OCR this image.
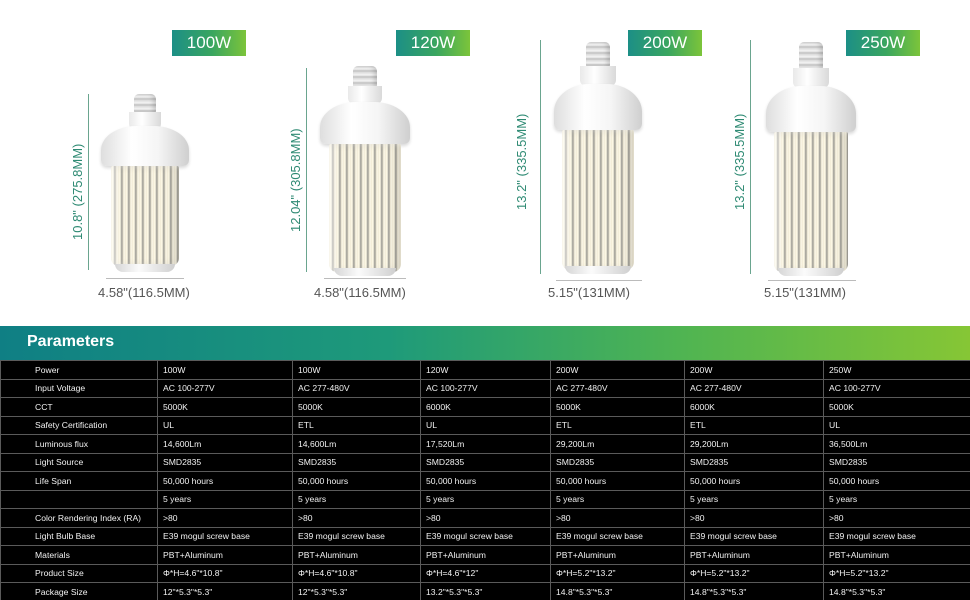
100W	120W	200W	250W
10.8" (275.8MM)
4.58"(116.5MM)
12.04" (305.8MM)
4.58"(116.5MM)
13.2" (335.5MM)
5.15"(131MM)
13.2" (335.5MM)
5.15"(131MM)
Parameters
Power	100W	100W	120W	200W	200W	250W
Input Voltage	AC 100-277V	AC 277-480V	AC 100-277V	AC 277-480V	AC 277-480V	AC 100-277V
CCT	5000K	5000K	6000K	5000K	6000K	5000K
Safety Certification	UL	ETL	UL	ETL	ETL	UL
Luminous flux	14,600Lm	14,600Lm	17,520Lm	29,200Lm	29,200Lm	36,500Lm
Light Source	SMD2835	SMD2835	SMD2835	SMD2835	SMD2835	SMD2835
Life Span	50,000 hours	50,000 hours	50,000 hours	50,000 hours	50,000 hours	50,000 hours
	5 years	5 years	5 years	5 years	5 years	5 years
Color Rendering Index (RA)	>80	>80	>80	>80	>80	>80
Light Bulb Base	E39 mogul screw base	E39 mogul screw base	E39 mogul screw base	E39 mogul screw base	E39 mogul screw base	E39 mogul screw base
Materials	PBT+Aluminum	PBT+Aluminum	PBT+Aluminum	PBT+Aluminum	PBT+Aluminum	PBT+Aluminum
Product Size	Φ*H=4.6"*10.8"	Φ*H=4.6"*10.8"	Φ*H=4.6"*12"	Φ*H=5.2"*13.2"	Φ*H=5.2"*13.2"	Φ*H=5.2"*13.2"
Package Size	12"*5.3"*5.3"	12"*5.3"*5.3"	13.2"*5.3"*5.3"	14.8"*5.3"*5.3"	14.8"*5.3"*5.3"	14.8"*5.3"*5.3"
